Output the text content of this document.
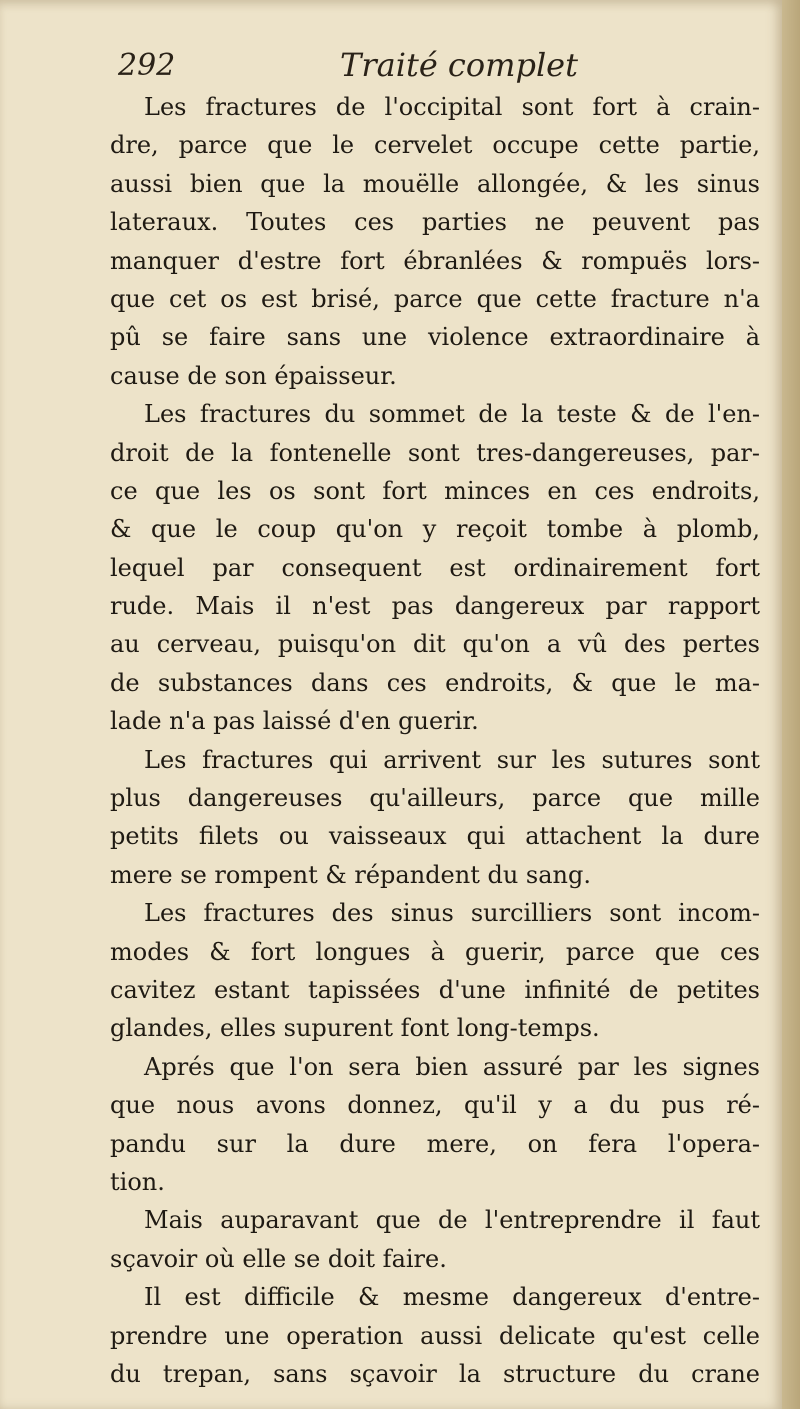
292	Traité complet
Les fractures de l'occipital sont fort à crain-
dre, parce que le cervelet occupe cette partie,
aussi bien que la mouëlle allongée, & les sinus
lateraux. Toutes ces parties ne peuvent pas
manquer d'estre fort ébranlées & rompuës lors-
que cet os est brisé, parce que cette fracture n'a
pû se faire sans une violence extraordinaire à
cause de son épaisseur.
Les fractures du sommet de la teste & de l'en-
droit de la fontenelle sont tres-dangereuses, par-
ce que les os sont fort minces en ces endroits,
& que le coup qu'on y reçoit tombe à plomb,
lequel par consequent est ordinairement fort
rude. Mais il n'est pas dangereux par rapport
au cerveau, puisqu'on dit qu'on a vû des pertes
de substances dans ces endroits, & que le ma-
lade n'a pas laissé d'en guerir.
Les fractures qui arrivent sur les sutures sont
plus dangereuses qu'ailleurs, parce que mille
petits filets ou vaisseaux qui attachent la dure
mere se rompent & répandent du sang.
Les fractures des sinus surcilliers sont incom-
modes & fort longues à guerir, parce que ces
cavitez estant tapissées d'une infinité de petites
glandes, elles supurent font long-temps.
Aprés que l'on sera bien assuré par les signes
que nous avons donnez, qu'il y a du pus ré-
pandu sur la dure mere, on fera l'opera-
tion.
Mais auparavant que de l'entreprendre il faut
sçavoir où elle se doit faire.
Il est difficile & mesme dangereux d'entre-
prendre une operation aussi delicate qu'est celle
du trepan, sans sçavoir la structure du crane
